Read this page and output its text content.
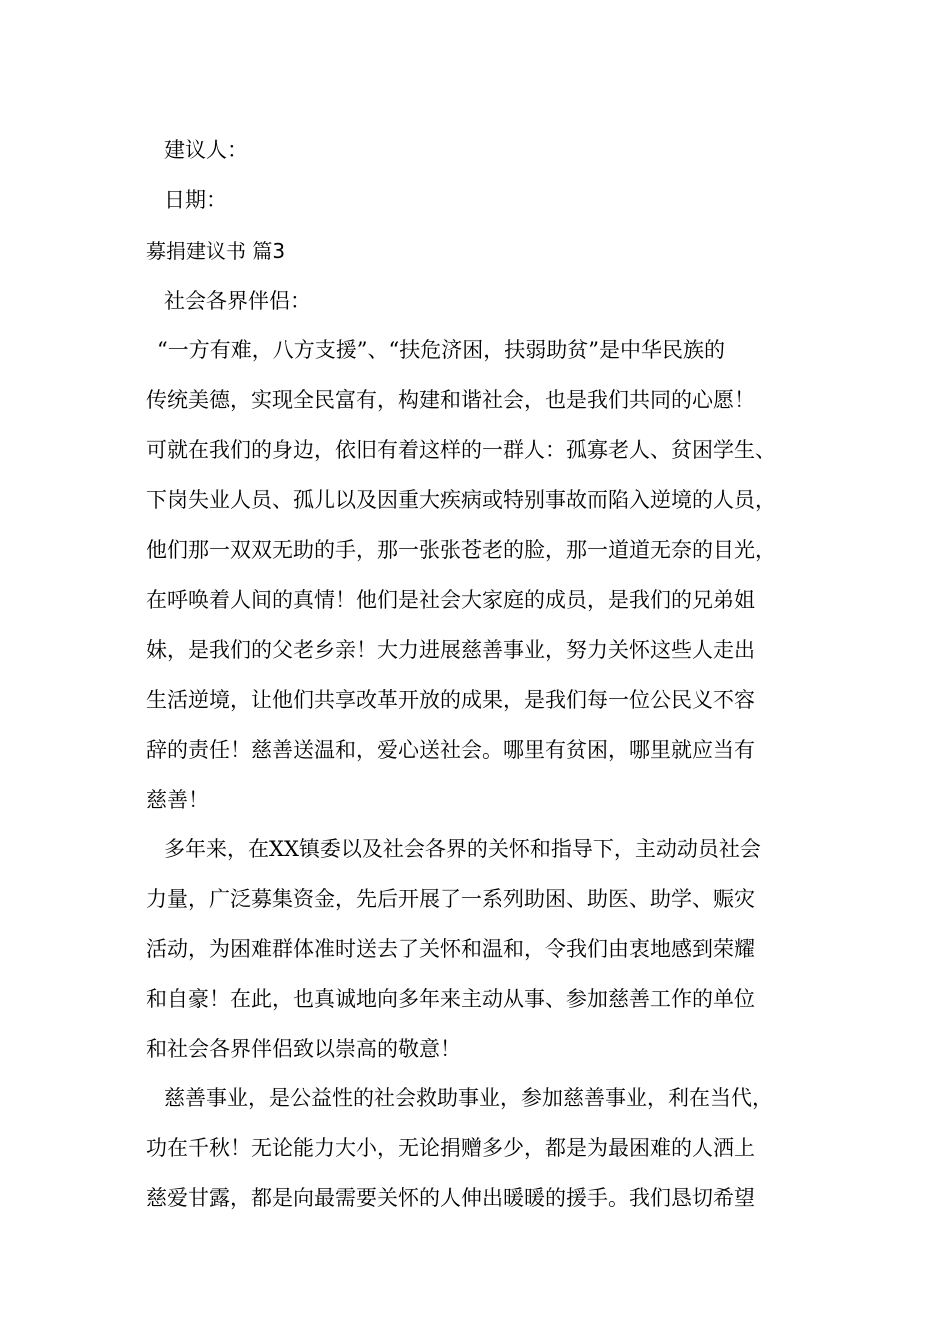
建议人：
日期：
募捐建议书 篇3
社会各界伴侣：
“一方有难，八方支援”、“扶危济困，扶弱助贫”是中华民族的
传统美德，实现全民富有，构建和谐社会，也是我们共同的心愿！
可就在我们的身边，依旧有着这样的一群人：孤寡老人、贫困学生、
下岗失业人员、孤儿以及因重大疾病或特别事故而陷入逆境的人员，
他们那一双双无助的手，那一张张苍老的脸，那一道道无奈的目光，
在呼唤着人间的真情！他们是社会大家庭的成员，是我们的兄弟姐
妹，是我们的父老乡亲！大力进展慈善事业，努力关怀这些人走出
生活逆境，让他们共享改革开放的成果，是我们每一位公民义不容
辞的责任！慈善送温和，爱心送社会。哪里有贫困，哪里就应当有
慈善！
多年来，在XX镇委以及社会各界的关怀和指导下，主动动员社会
力量，广泛募集资金，先后开展了一系列助困、助医、助学、赈灾
活动，为困难群体准时送去了关怀和温和，令我们由衷地感到荣耀
和自豪！在此，也真诚地向多年来主动从事、参加慈善工作的单位
和社会各界伴侣致以崇高的敬意！
慈善事业，是公益性的社会救助事业，参加慈善事业，利在当代，
功在千秋！无论能力大小，无论捐赠多少，都是为最困难的人洒上
慈爱甘露，都是向最需要关怀的人伸出暖暖的援手。我们恳切希望
